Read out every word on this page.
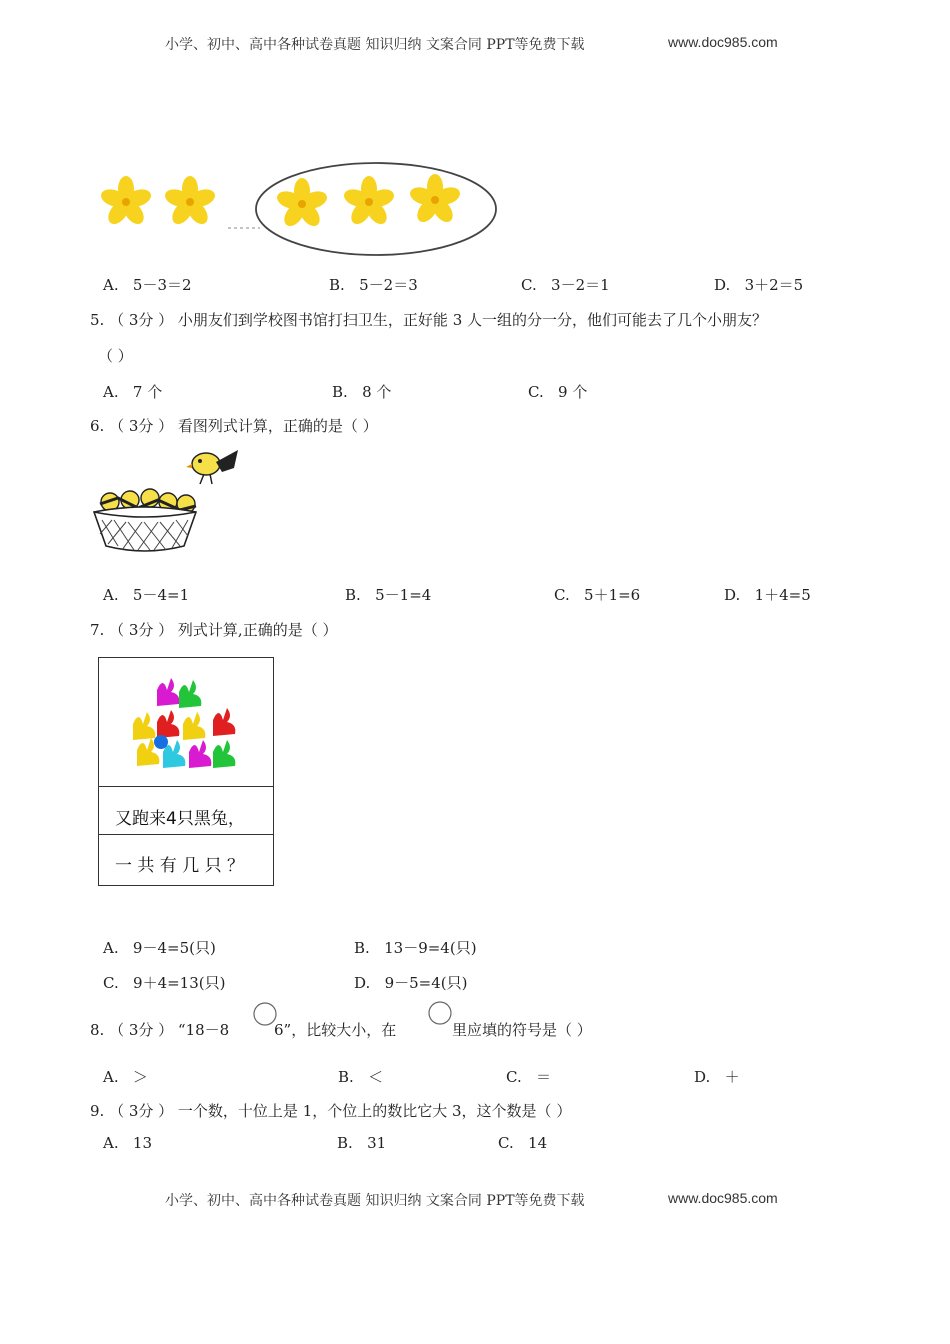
小学、初中、高中各种试卷真题 知识归纳 文案合同 PPT等免费下载	www.doc985.com
A. 5－3＝2	B. 5－2＝3	C. 3－2＝1	D. 3＋2＝5
5. （ 3分 ） 小朋友们到学校图书馆打扫卫生，正好能 3 人一组的分一分，他们可能去了几个小朋友？
（ ）
A. 7 个	B. 8 个	C. 9 个
6. （ 3分 ） 看图列式计算，正确的是（ ）
A. 5－4=1	B. 5－1=4	C. 5＋1=6	D. 1＋4=5
7. （ 3分 ） 列式计算,正确的是（ ）
又跑来4只黑兔，
一 共 有 几 只 ？
A. 9－4=5(只)	B. 13－9=4(只)
C. 9＋4=13(只)	D. 9－5=4(只)
8. （ 3分 ） “18－8	6”，比较大小，在	里应填的符号是（ ）
A. ＞	B. ＜	C. ＝	D. ＋
9. （ 3分 ） 一个数，十位上是 1，个位上的数比它大 3，这个数是（ ）
A. 13	B. 31	C. 14
小学、初中、高中各种试卷真题 知识归纳 文案合同 PPT等免费下载	www.doc985.com
